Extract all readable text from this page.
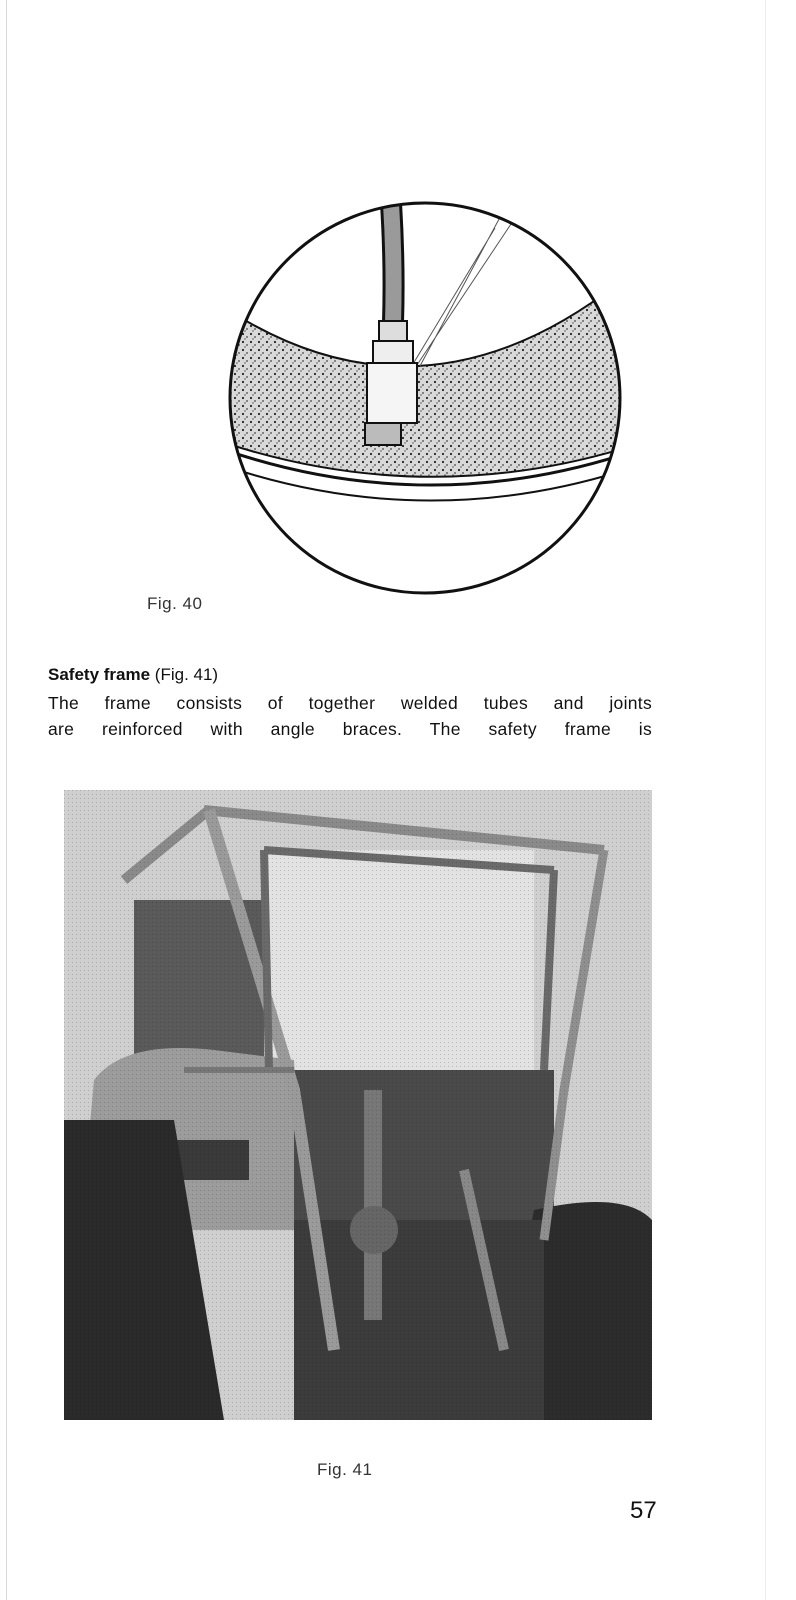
Fig. 40
Safety frame (Fig. 41)
The frame consists of together welded tubes and joints
are reinforced with angle braces. The safety frame is
Fig. 41
57
